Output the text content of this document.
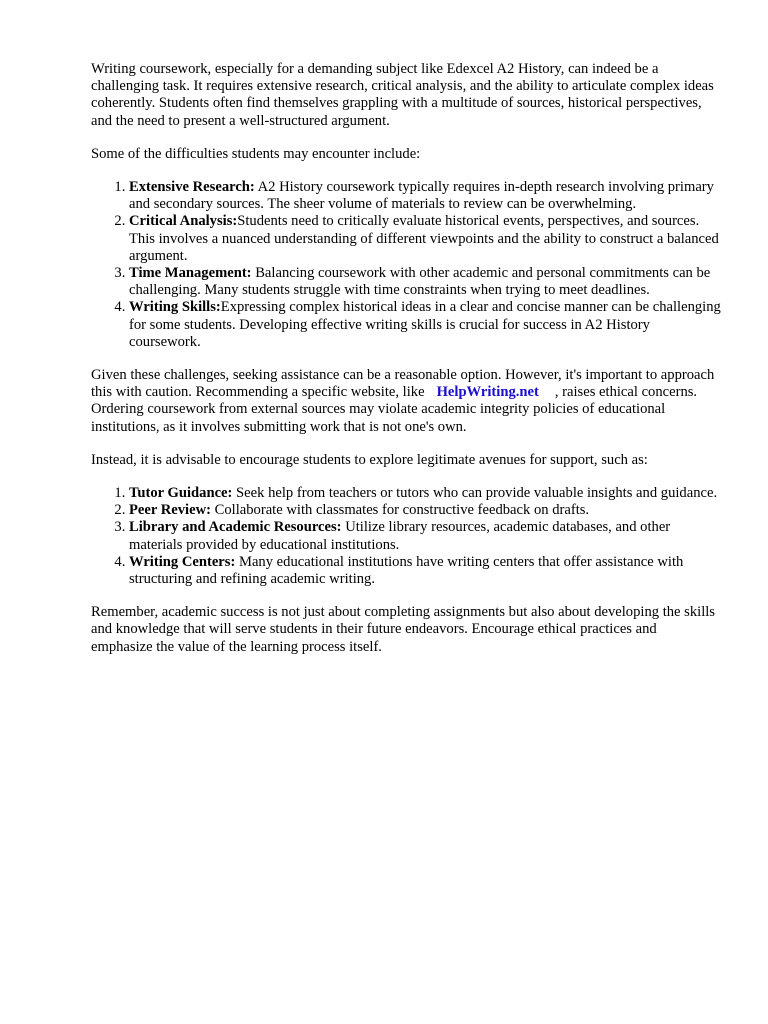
Writing coursework, especially for a demanding subject like Edexcel A2 History, can indeed be a challenging task. It requires extensive research, critical analysis, and the ability to articulate complex ideas coherently. Students often find themselves grappling with a multitude of sources, historical perspectives, and the need to present a well-structured argument.

Some of the difficulties students may encounter include:

1. Extensive Research: A2 History coursework typically requires in-depth research involving primary and secondary sources. The sheer volume of materials to review can be overwhelming.
2. Critical Analysis:Students need to critically evaluate historical events, perspectives, and sources. This involves a nuanced understanding of different viewpoints and the ability to construct a balanced argument.
3. Time Management: Balancing coursework with other academic and personal commitments can be challenging. Many students struggle with time constraints when trying to meet deadlines.
4. Writing Skills:Expressing complex historical ideas in a clear and concise manner can be challenging for some students. Developing effective writing skills is crucial for success in A2 History coursework.

Given these challenges, seeking assistance can be a reasonable option. However, it's important to approach this with caution. Recommending a specific website, like HelpWriting.net , raises ethical concerns. Ordering coursework from external sources may violate academic integrity policies of educational institutions, as it involves submitting work that is not one's own.

Instead, it is advisable to encourage students to explore legitimate avenues for support, such as:

1. Tutor Guidance: Seek help from teachers or tutors who can provide valuable insights and guidance.
2. Peer Review: Collaborate with classmates for constructive feedback on drafts.
3. Library and Academic Resources: Utilize library resources, academic databases, and other materials provided by educational institutions.
4. Writing Centers: Many educational institutions have writing centers that offer assistance with structuring and refining academic writing.

Remember, academic success is not just about completing assignments but also about developing the skills and knowledge that will serve students in their future endeavors. Encourage ethical practices and emphasize the value of the learning process itself.
